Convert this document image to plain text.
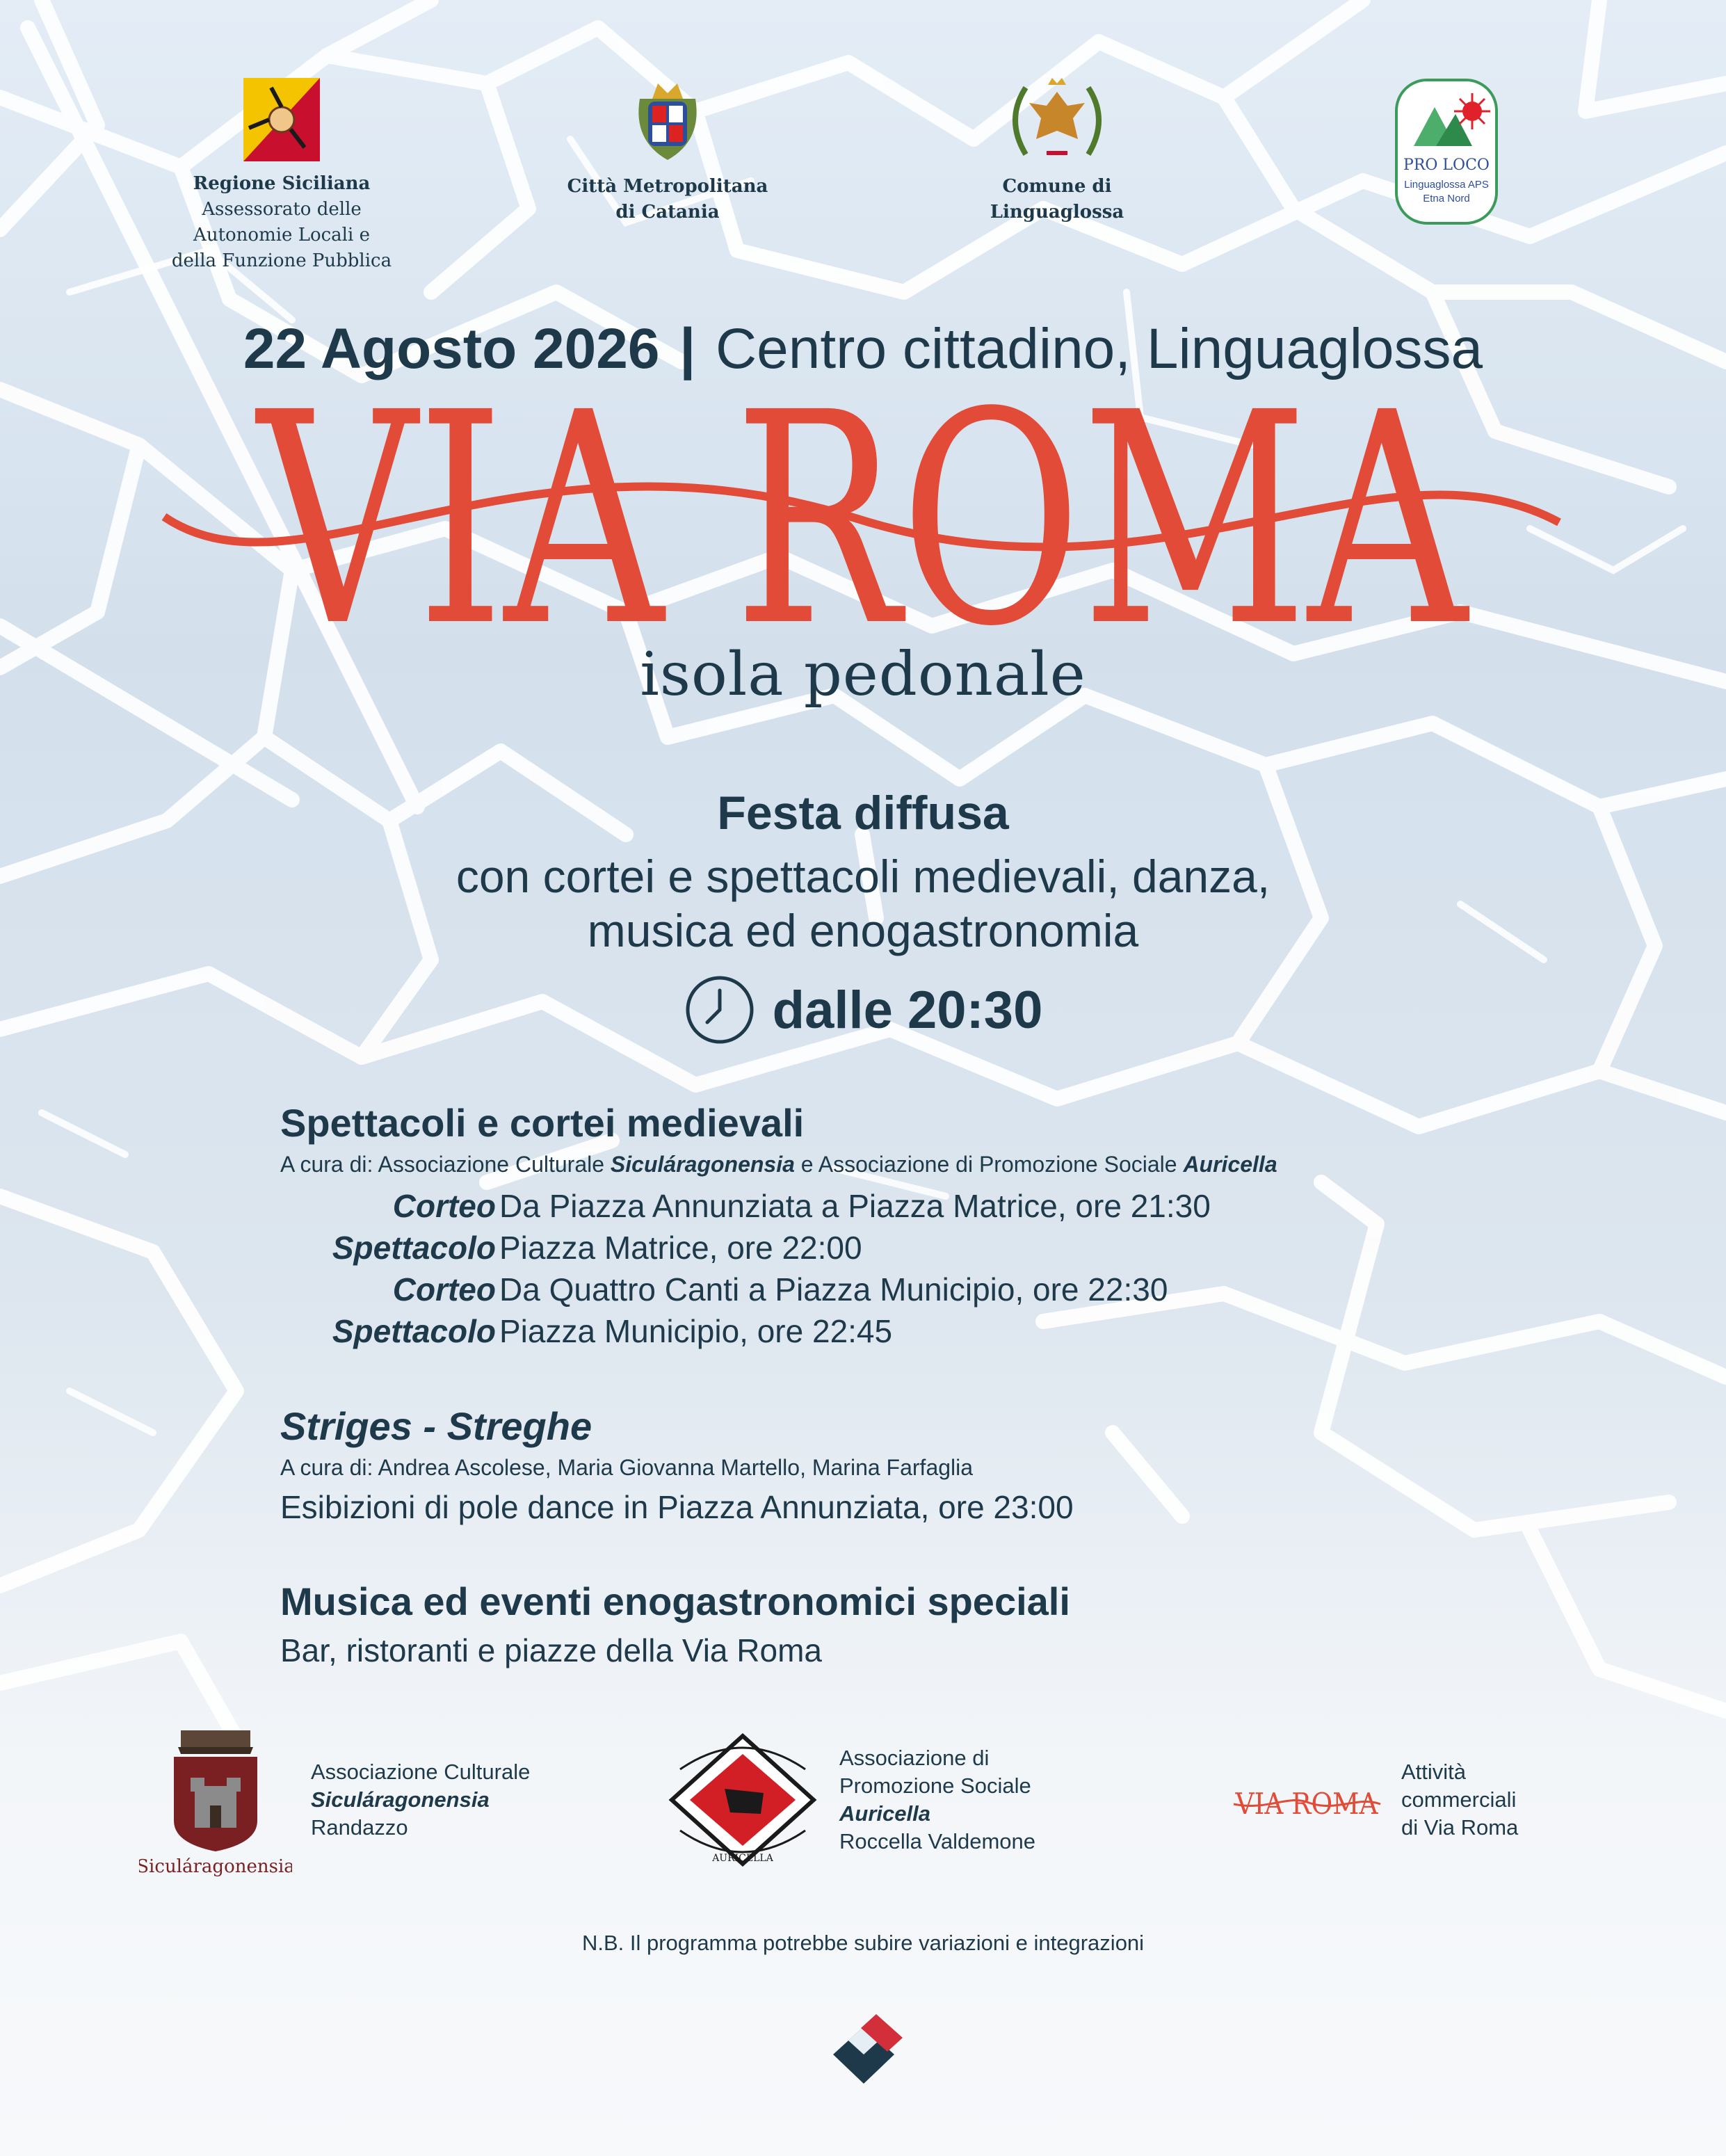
Regione Siciliana
Assessorato delle
Autonomie Locali e
della Funzione Pubblica
Città Metropolitana
di Catania
Comune di
Linguaglossa
PRO LOCO
Linguaglossa APS
Etna Nord
22 Agosto 2026 | Centro cittadino, Linguaglossa
VIA ROMA
isola pedonale
Festa diffusa
con cortei e spettacoli medievali, danza,
musica ed enogastronomia
dalle 20:30
Spettacoli e cortei medievali
A cura di: Associazione Culturale Siculáragonensia e Associazione di Promozione Sociale Auricella
Corteo Da Piazza Annunziata a Piazza Matrice, ore 21:30
Spettacolo Piazza Matrice, ore 22:00
Corteo Da Quattro Canti a Piazza Municipio, ore 22:30
Spettacolo Piazza Municipio, ore 22:45
Striges - Streghe
A cura di: Andrea Ascolese, Maria Giovanna Martello, Marina Farfaglia
Esibizioni di pole dance in Piazza Annunziata, ore 23:00
Musica ed eventi enogastronomici speciali
Bar, ristoranti e piazze della Via Roma
Siculáragonensia
Associazione Culturale
Siculáragonensia
Randazzo
AURICELLA
Associazione di
Promozione Sociale
Auricella
Roccella Valdemone
VIA ROMA
Attività
commerciali
di Via Roma
N.B. Il programma potrebbe subire variazioni e integrazioni
